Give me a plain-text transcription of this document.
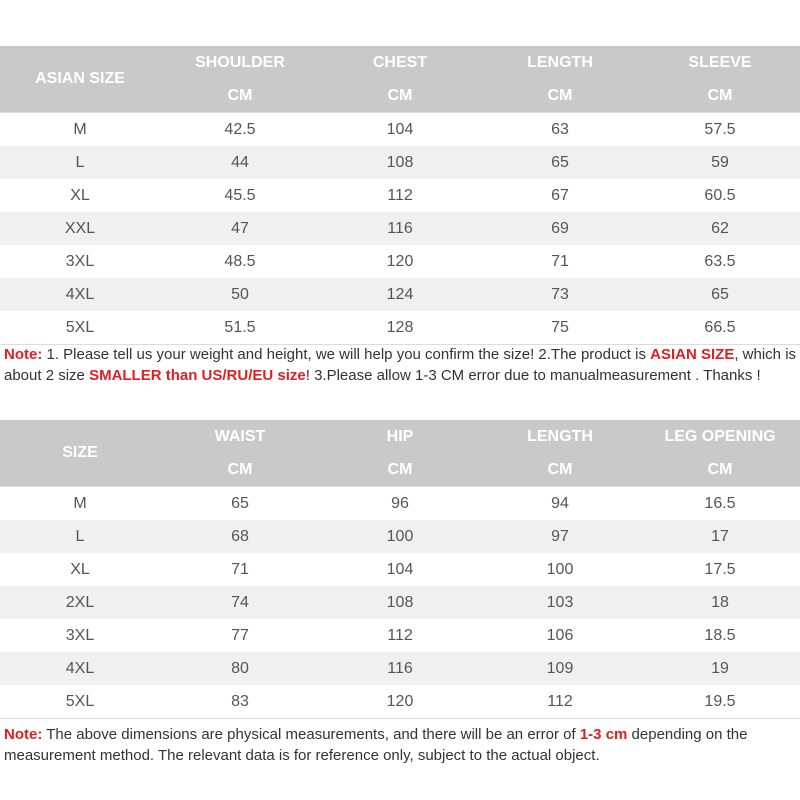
ASIAN SIZE	SHOULDER	CHEST	LENGTH	SLEEVE
	CM	CM	CM	CM
M	42.5	104	63	57.5
L	44	108	65	59
XL	45.5	112	67	60.5
XXL	47	116	69	62
3XL	48.5	120	71	63.5
4XL	50	124	73	65
5XL	51.5	128	75	66.5
Note: 1. Please tell us your weight and height, we will help you confirm the size! 2.The product is ASIAN SIZE, which is about 2 size SMALLER than US/RU/EU size! 3.Please allow 1-3 CM error due to manualmeasurement . Thanks !
SIZE	WAIST	HIP	LENGTH	LEG OPENING
	CM	CM	CM	CM
M	65	96	94	16.5
L	68	100	97	17
XL	71	104	100	17.5
2XL	74	108	103	18
3XL	77	112	106	18.5
4XL	80	116	109	19
5XL	83	120	112	19.5
Note: The above dimensions are physical measurements, and there will be an error of 1-3 cm depending on the measurement method. The relevant data is for reference only, subject to the actual object.
